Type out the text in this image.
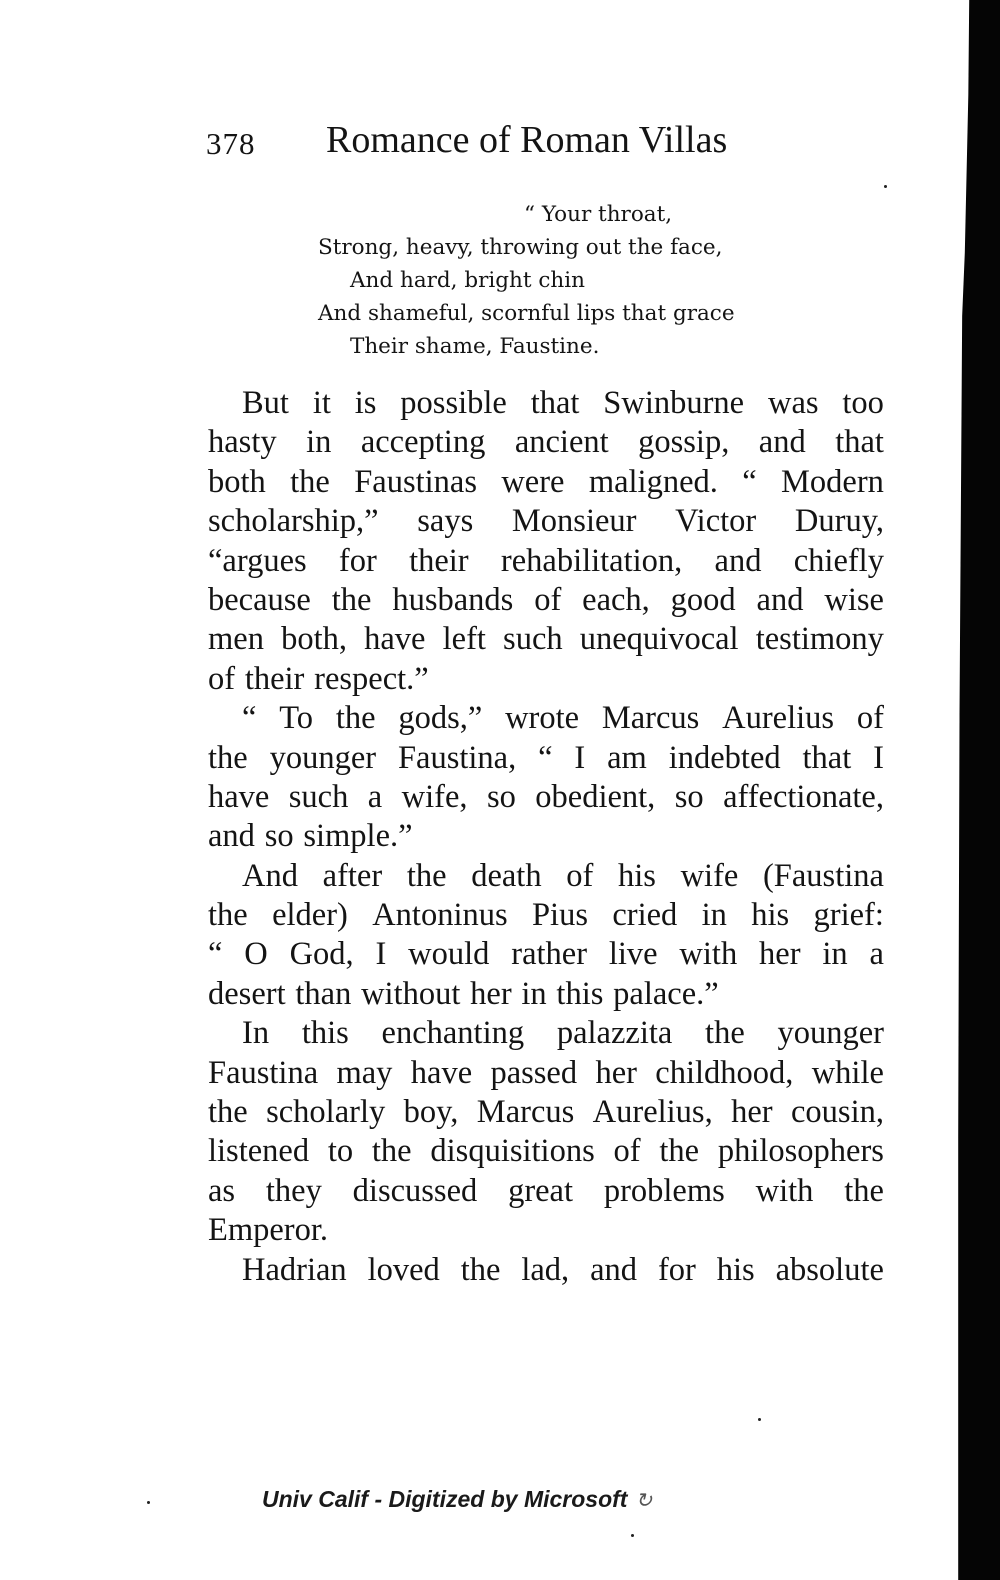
378 Romance of Roman Villas
“ Your throat,
Strong, heavy, throwing out the face,
And hard, bright chin
And shameful, scornful lips that grace
Their shame, Faustine.
But it is possible that Swinburne was too
hasty in accepting ancient gossip, and that
both the Faustinas were maligned. “ Modern
scholarship,” says Monsieur Victor Duruy,
“argues for their rehabilitation, and chiefly
because the husbands of each, good and wise
men both, have left such unequivocal testimony
of their respect.”
“ To the gods,” wrote Marcus Aurelius of
the younger Faustina, “ I am indebted that I
have such a wife, so obedient, so affectionate,
and so simple.”
And after the death of his wife (Faustina
the elder) Antoninus Pius cried in his grief:
“ O God, I would rather live with her in a
desert than without her in this palace.”
In this enchanting palazzita the younger
Faustina may have passed her childhood, while
the scholarly boy, Marcus Aurelius, her cousin,
listened to the disquisitions of the philosophers
as they discussed great problems with the
Emperor.
Hadrian loved the lad, and for his absolute
Univ Calif - Digitized by Microsoft ↻
